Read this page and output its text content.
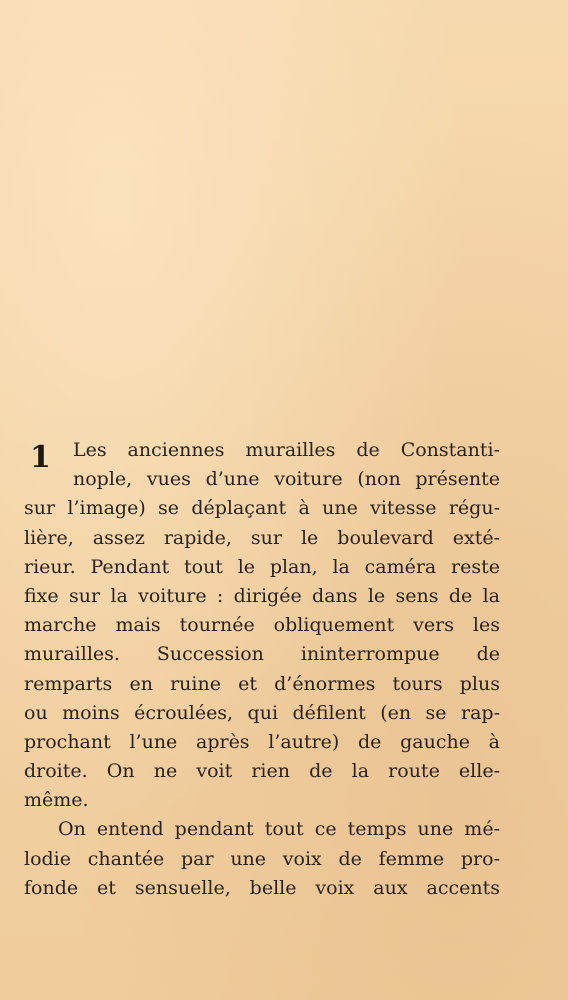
1	Les anciennes murailles de Constanti-
nople, vues d’une voiture (non présente
sur l’image) se déplaçant à une vitesse régu-
lière, assez rapide, sur le boulevard exté-
rieur. Pendant tout le plan, la caméra reste
fixe sur la voiture : dirigée dans le sens de la
marche mais tournée obliquement vers les
murailles. Succession ininterrompue de
remparts en ruine et d’énormes tours plus
ou moins écroulées, qui défilent (en se rap-
prochant l’une après l’autre) de gauche à
droite. On ne voit rien de la route elle-
même.
On entend pendant tout ce temps une mé-
lodie chantée par une voix de femme pro-
fonde et sensuelle, belle voix aux accents
